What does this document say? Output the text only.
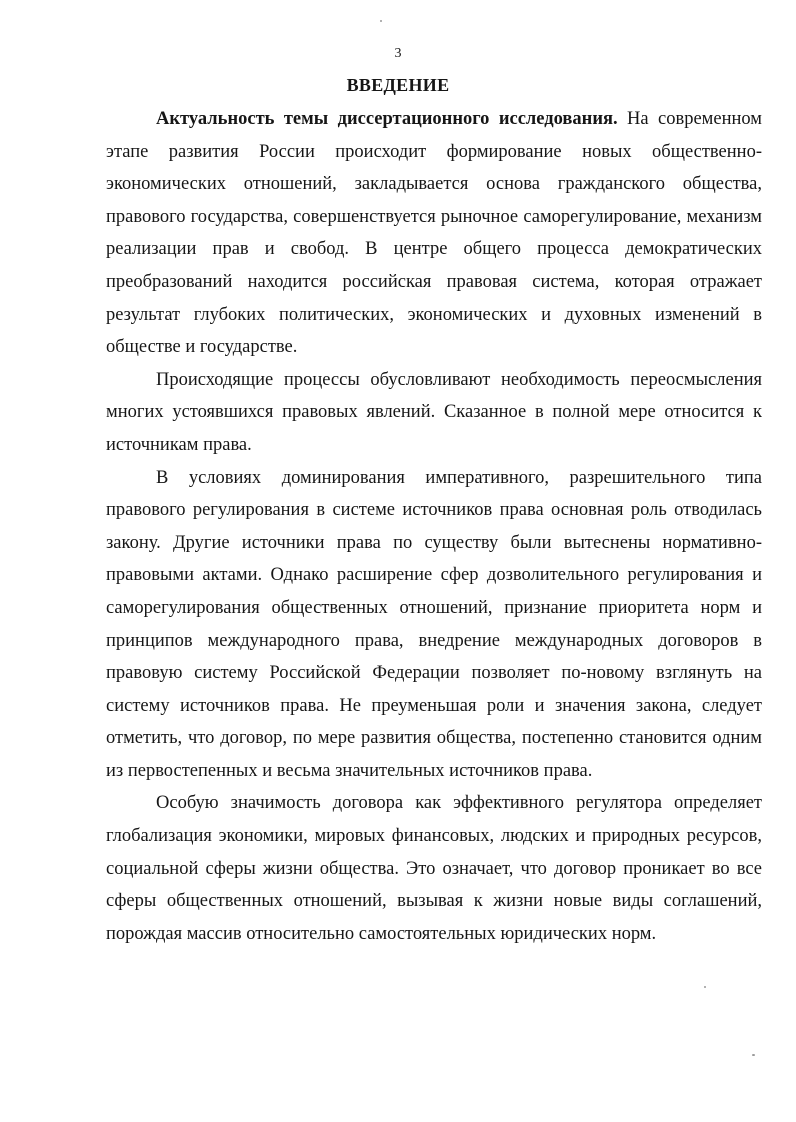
3
ВВЕДЕНИЕ

Актуальность темы диссертационного исследования. На современном этапе развития России происходит формирование новых общественно-экономических отношений, закладывается основа гражданского общества, правового государства, совершенствуется рыночное саморегулирование, механизм реализации прав и свобод. В центре общего процесса демократических преобразований находится российская правовая система, которая отражает результат глубоких политических, экономических и духовных изменений в обществе и государстве.

Происходящие процессы обусловливают необходимость переосмысления многих устоявшихся правовых явлений. Сказанное в полной мере относится к источникам права.

В условиях доминирования императивного, разрешительного типа правового регулирования в системе источников права основная роль отводилась закону. Другие источники права по существу были вытеснены нормативно-правовыми актами. Однако расширение сфер дозволительного регулирования и саморегулирования общественных отношений, признание приоритета норм и принципов международного права, внедрение международных договоров в правовую систему Российской Федерации позволяет по-новому взглянуть на систему источников права. Не преуменьшая роли и значения закона, следует отметить, что договор, по мере развития общества, постепенно становится одним из первостепенных и весьма значительных источников права.

Особую значимость договора как эффективного регулятора определяет глобализация экономики, мировых финансовых, людских и природных ресурсов, социальной сферы жизни общества. Это означает, что договор проникает во все сферы общественных отношений, вызывая к жизни новые виды соглашений, порождая массив относительно самостоятельных юридических норм.
